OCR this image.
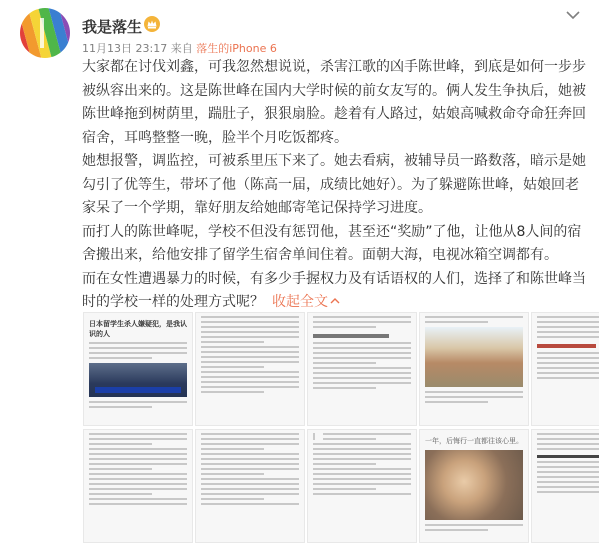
我是落生
11月13日 23:17 来自 落生的iPhone 6

大家都在讨伐刘鑫，可我忽然想说说，杀害江歌的凶手陈世峰，到底是如何一步步被纵容出来的。这是陈世峰在国内大学时候的前女友写的。俩人发生争执后，她被陈世峰拖到树荫里，踹肚子，狠狠扇脸。趁着有人路过，姑娘高喊救命夺命狂奔回宿舍，耳鸣整整一晚，脸半个月吃饭都疼。

她想报警，调监控，可被系里压下来了。她去看病，被辅导员一路数落，暗示是她勾引了优等生，带坏了他（陈高一届，成绩比她好）。为了躲避陈世峰，姑娘回老家呆了一个学期，靠好朋友给她邮寄笔记保持学习进度。

而打人的陈世峰呢，学校不但没有惩罚他，甚至还“奖励”了他，让他从8人间的宿舍搬出来，给他安排了留学生宿舍单间住着。面朝大海，电视冰箱空调都有。

而在女性遭遇暴力的时候，有多少手握权力及有话语权的人们，选择了和陈世峰当时的学校一样的处理方式呢？ 收起全文

日本留学生杀人嫌疑犯，是我认识的人
一年，后悔行一直都往该心里。
